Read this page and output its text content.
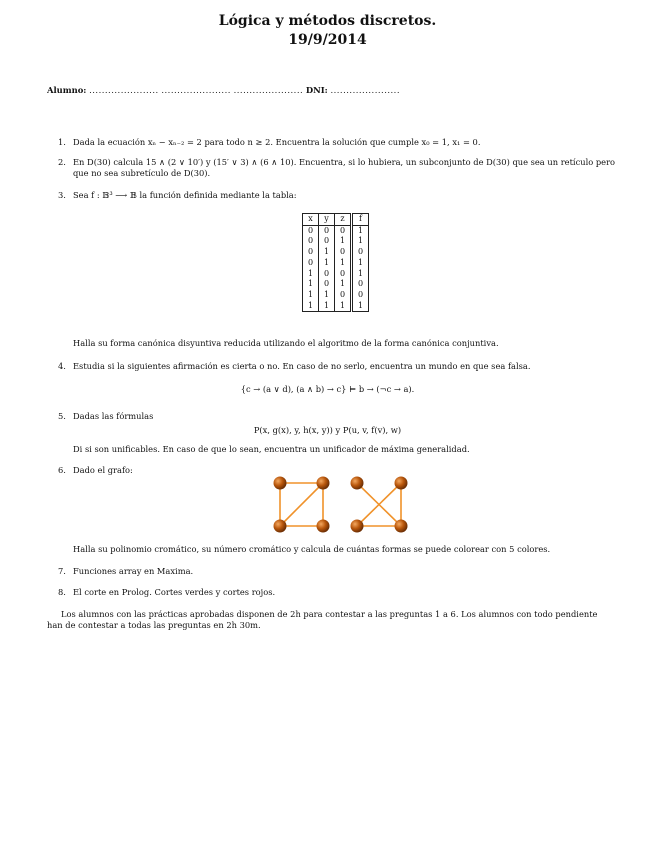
Lógica y métodos discretos.
19/9/2014
Alumno: ...................... ...................... ...................... DNI: ......................
1. Dada la ecuación xₙ − xₙ₋₂ = 2 para todo n ≥ 2. Encuentra la solución que cumple x₀ = 1, x₁ = 0.
2. En D(30) calcula 15 ∧ (2 ∨ 10′) y (15′ ∨ 3) ∧ (6 ∧ 10). Encuentra, si lo hubiera, un subconjunto de D(30) que sea un retículo pero que no sea subretículo de D(30).
3. Sea f : 𝔹³ ⟶ 𝔹 la función definida mediante la tabla:
x	y	z	f
0	0	0	1
0	0	1	1
0	1	0	0
0	1	1	1
1	0	0	1
1	0	1	0
1	1	0	0
1	1	1	1
Halla su forma canónica disyuntiva reducida utilizando el algoritmo de la forma canónica conjuntiva.
4. Estudia si la siguientes afirmación es cierta o no. En caso de no serlo, encuentra un mundo en que sea falsa.
{c → (a ∨ d), (a ∧ b) → c} ⊨ b → (¬c → a).
5. Dadas las fórmulas
P(x, g(x), y, h(x, y)) y P(u, v, f(v), w)
Di si son unificables. En caso de que lo sean, encuentra un unificador de máxima generalidad.
6. Dado el grafo:
Halla su polinomio cromático, su número cromático y calcula de cuántas formas se puede colorear con 5 colores.
7. Funciones array en Maxima.
8. El corte en Prolog. Cortes verdes y cortes rojos.
Los alumnos con las prácticas aprobadas disponen de 2h para contestar a las preguntas 1 a 6. Los alumnos con todo pendiente han de contestar a todas las preguntas en 2h 30m.
